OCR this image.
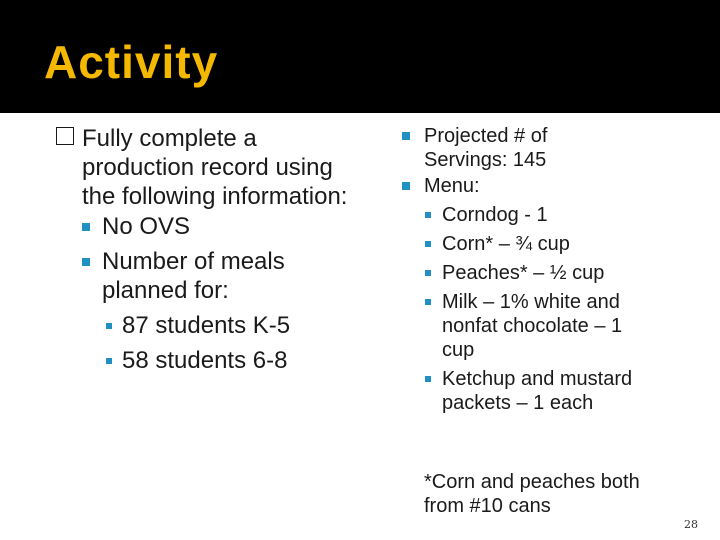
Activity
Fully complete a production record using the following information:
No OVS
Number of meals planned for:
87 students K-5
58 students 6-8
Projected # of Servings: 145
Menu:
Corndog - 1
Corn* – ¾ cup
Peaches* – ½ cup
Milk – 1% white and nonfat chocolate – 1 cup
Ketchup and mustard packets – 1 each
*Corn and peaches both from #10 cans
28
